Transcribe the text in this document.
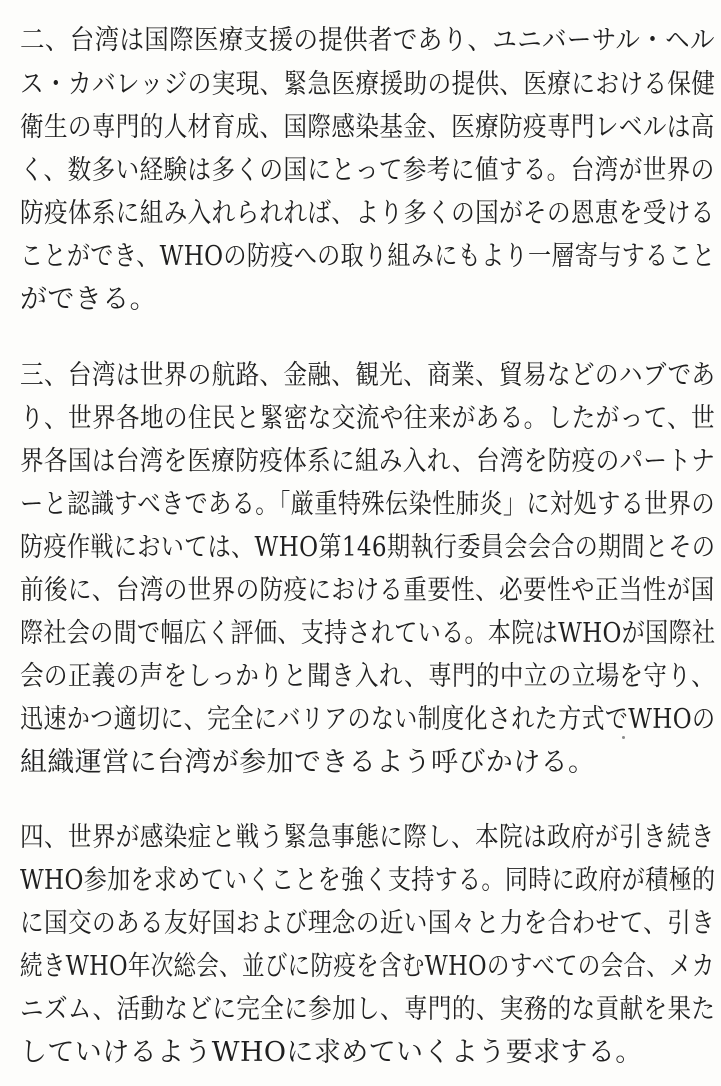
二、台湾は国際医療支援の提供者であり、ユニバーサル・ヘル
ス・カバレッジの実現、緊急医療援助の提供、医療における保健
衛生の専門的人材育成、国際感染基金、医療防疫専門レベルは高
く、数多い経験は多くの国にとって参考に値する。台湾が世界の
防疫体系に組み入れられれば、より多くの国がその恩恵を受ける
ことができ、WHOの防疫への取り組みにもより一層寄与すること
ができる。
三、台湾は世界の航路、金融、観光、商業、貿易などのハブであ
り、世界各地の住民と緊密な交流や往来がある。したがって、世
界各国は台湾を医療防疫体系に組み入れ、台湾を防疫のパートナ
ーと認識すべきである。「厳重特殊伝染性肺炎」に対処する世界の
防疫作戦においては、WHO第146期執行委員会会合の期間とその
前後に、台湾の世界の防疫における重要性、必要性や正当性が国
際社会の間で幅広く評価、支持されている。本院はWHOが国際社
会の正義の声をしっかりと聞き入れ、専門的中立の立場を守り、
迅速かつ適切に、完全にバリアのない制度化された方式でWHOの
組織運営に台湾が参加できるよう呼びかける。
四、世界が感染症と戦う緊急事態に際し、本院は政府が引き続き
WHO参加を求めていくことを強く支持する。同時に政府が積極的
に国交のある友好国および理念の近い国々と力を合わせて、引き
続きWHO年次総会、並びに防疫を含むWHOのすべての会合、メカ
ニズム、活動などに完全に参加し、専門的、実務的な貢献を果た
していけるようWHOに求めていくよう要求する。
